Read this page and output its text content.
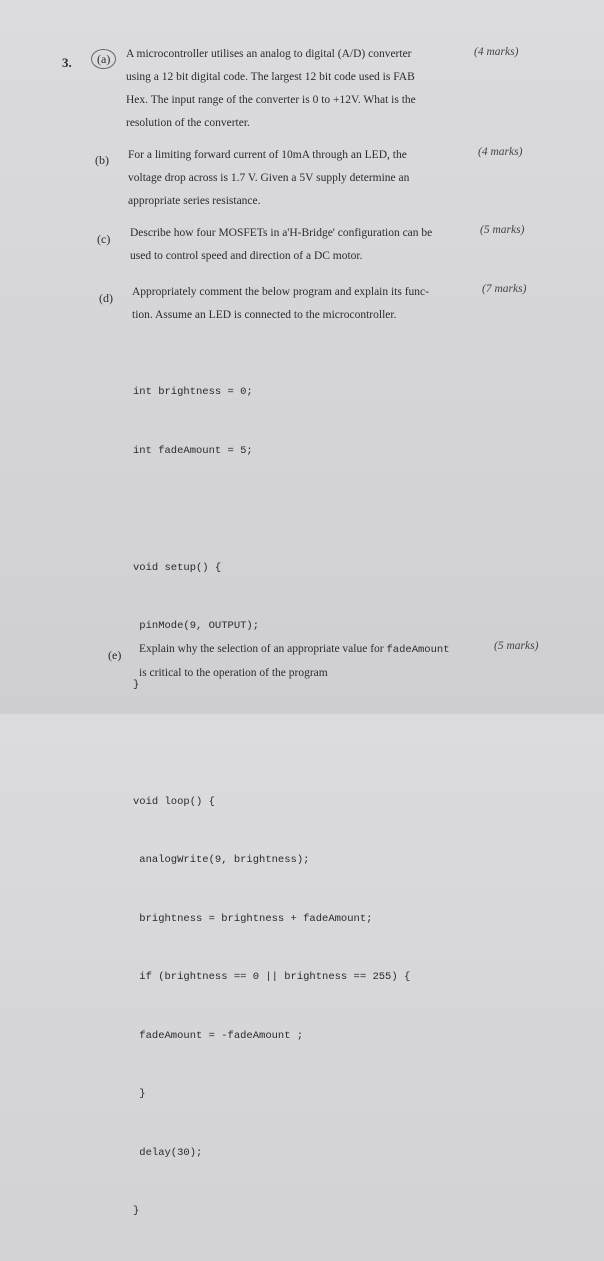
3.	(a)	A microcontroller utilises an analog to digital (A/D) converter
using a 12 bit digital code. The largest 12 bit code used is FAB
Hex. The input range of the converter is 0 to +12V. What is the
resolution of the converter.
(4 marks)
(b) For a limiting forward current of 10mA through an LED, the
voltage drop across is 1.7 V. Given a 5V supply determine an
appropriate series resistance.
(4 marks)
(c) Describe how four MOSFETs in a'H-Bridge' configuration can be
used to control speed and direction of a DC motor.
(5 marks)
(d) Appropriately comment the below program and explain its func-
tion. Assume an LED is connected to the microcontroller.
(7 marks)

int brightness = 0;

int fadeAmount = 5;

void setup() {

pinMode(9, OUTPUT);

}

void loop() {

analogWrite(9, brightness);

brightness = brightness + fadeAmount;

if (brightness == 0 || brightness == 255) {

fadeAmount = -fadeAmount ;

}

delay(30);

}

(e) Explain why the selection of an appropriate value for fadeAmount
is critical to the operation of the program
(5 marks)
